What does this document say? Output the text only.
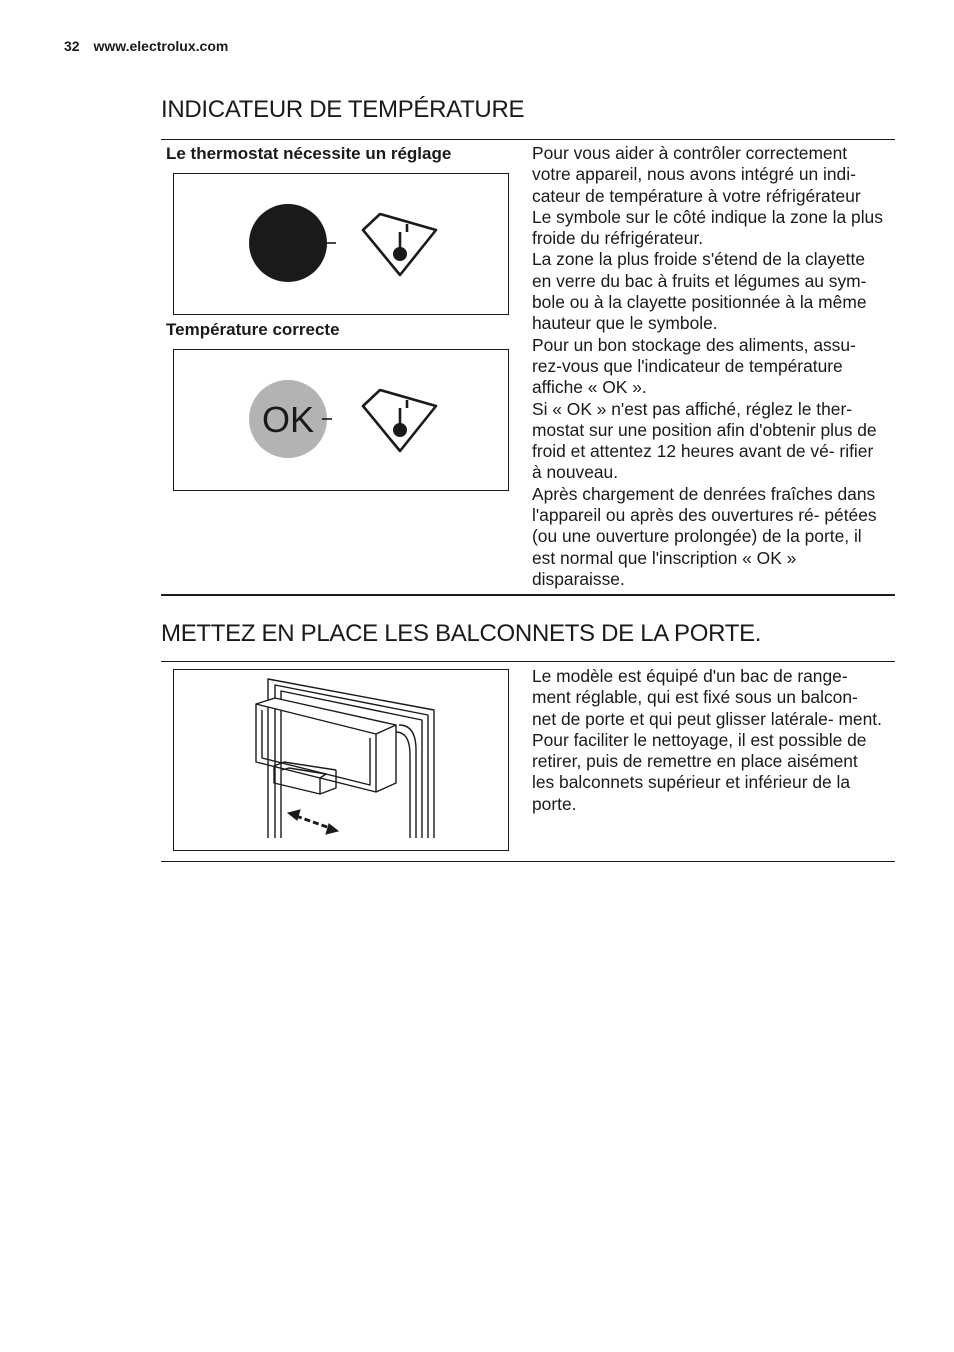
32 www.electrolux.com
INDICATEUR DE TEMPÉRATURE
Le thermostat nécessite un réglage
Température correcte
OK

Pour vous aider à contrôler correctement votre appareil, nous avons intégré un indi- cateur de température à votre réfrigérateur

Le symbole sur le côté indique la zone la plus froide du réfrigérateur.

La zone la plus froide s'étend de la clayette en verre du bac à fruits et légumes au sym- bole ou à la clayette positionnée à la même hauteur que le symbole.

Pour un bon stockage des aliments, assu- rez-vous que l'indicateur de température affiche « OK ».

Si « OK » n'est pas affiché, réglez le ther- mostat sur une position afin d'obtenir plus de froid et attentez 12 heures avant de vé- rifier à nouveau.

Après chargement de denrées fraîches dans l'appareil ou après des ouvertures ré- pétées (ou une ouverture prolongée) de la porte, il est normal que l'inscription « OK » disparaisse.

METTEZ EN PLACE LES BALCONNETS DE LA PORTE.

Le modèle est équipé d'un bac de range- ment réglable, qui est fixé sous un balcon- net de porte et qui peut glisser latérale- ment.

Pour faciliter le nettoyage, il est possible de retirer, puis de remettre en place aisément les balconnets supérieur et inférieur de la porte.
